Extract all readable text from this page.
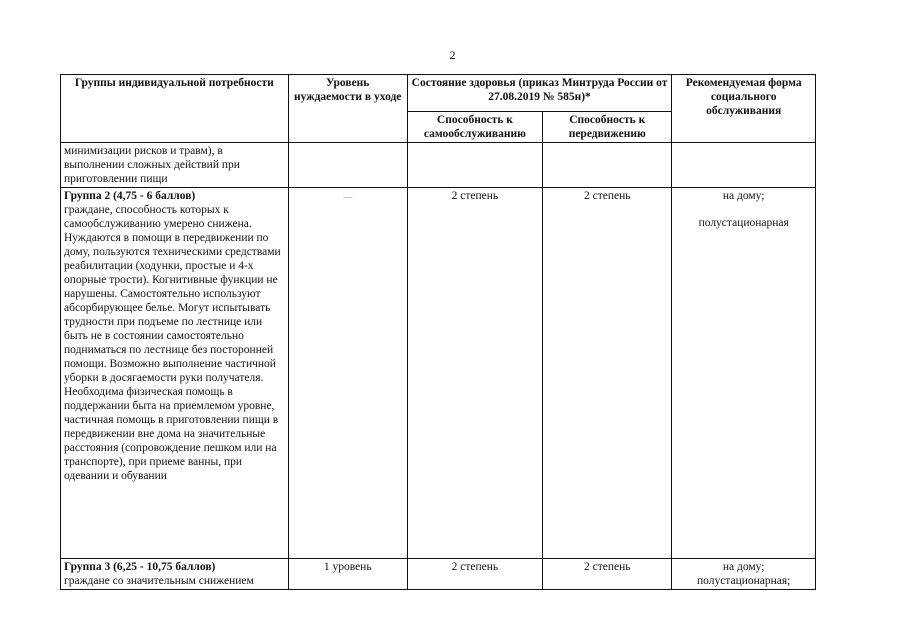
2
Группы индивидуальной потребности	Уровень нуждаемости в уходе	Состояние здоровья (приказ Минтруда России от 27.08.2019 № 585н)*		Рекомендуемая форма социального обслуживания
		Способность к самообслуживанию	Способность к передвижению	
минимизации рисков и травм), в выполнении сложных действий при приготовлении пищи				
Группа 2 (4,75 - 6 баллов)
граждане, способность которых к самообслуживанию умерено снижена. Нуждаются в помощи в передвижении по дому, пользуются техническими средствами реабилитации (ходунки, простые и 4-х опорные трости). Когнитивные функции не нарушены. Самостоятельно используют абсорбирующее белье. Могут испытывать трудности при подъеме по лестнице или быть не в состоянии самостоятельно подниматься по лестнице без посторонней помощи. Возможно выполнение частичной уборки в досягаемости руки получателя. Необходима физическая помощь в поддержании быта на приемлемом уровне, частичная помощь в приготовлении пищи в передвижении вне дома на значительные расстояния (сопровождение пешком или на транспорте), при приеме ванны, при одевании и обувании	—	2 степень	2 степень	на дому;
полустационарная

Группа 3 (6,25 - 10,75 баллов)
граждане со значительным снижением	1 уровень	2 степень	2 степень	на дому;
полустационарная;
